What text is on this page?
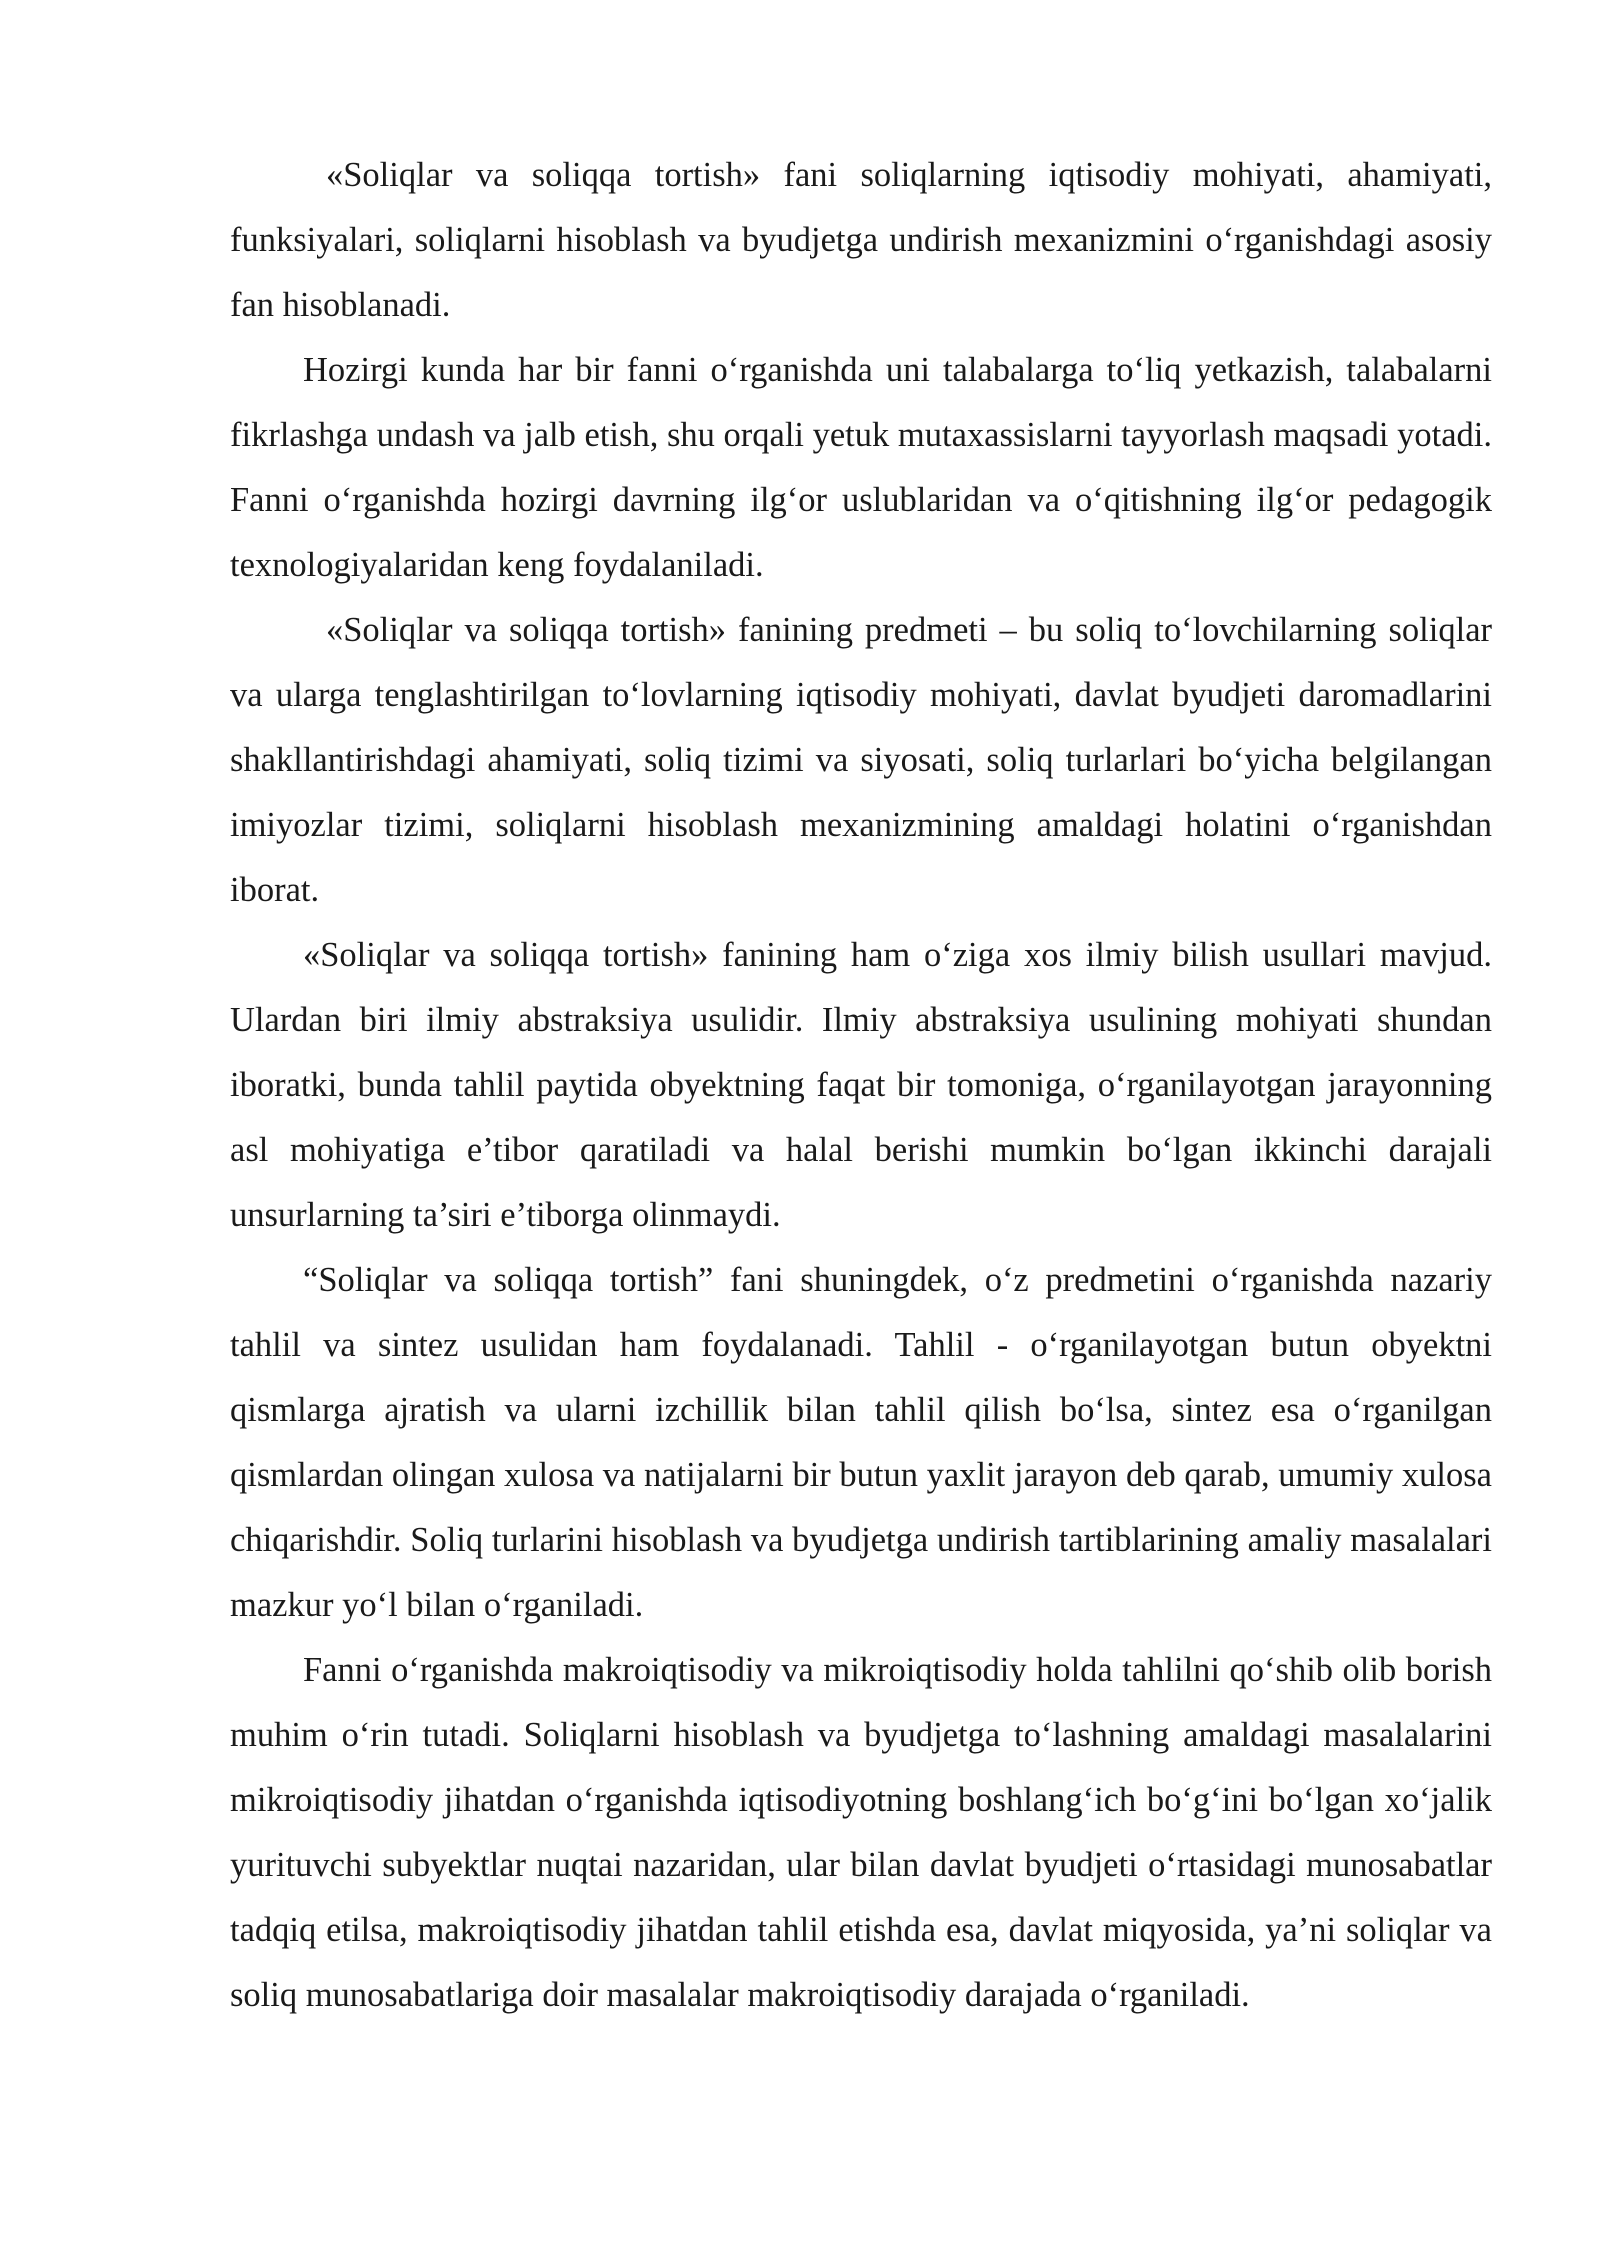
«Soliqlar va soliqqa tortish» fani soliqlarning iqtisodiy mohiyati, ahamiyati, funksiyalari, soliqlarni hisoblash va byudjetga undirish mexanizmini oʻrganishdagi asosiy fan hisoblanadi.

Hozirgi kunda har bir fanni oʻrganishda uni talabalarga toʻliq yetkazish, talabalarni fikrlashga undash va jalb etish, shu orqali yetuk mutaxassislarni tayyorlash maqsadi yotadi. Fanni oʻrganishda hozirgi davrning ilgʻor uslublaridan va oʻqitishning ilgʻor pedagogik texnologiyalaridan keng foydalaniladi.

«Soliqlar va soliqqa tortish» fanining predmeti – bu soliq toʻlovchilarning soliqlar va ularga tenglashtirilgan toʻlovlarning iqtisodiy mohiyati, davlat byudjeti daromadlarini shakllantirishdagi ahamiyati, soliq tizimi va siyosati, soliq turlarlari boʻyicha belgilangan imiyozlar tizimi, soliqlarni hisoblash mexanizmining amaldagi holatini oʻrganishdan iborat.

«Soliqlar va soliqqa tortish» fanining ham oʻziga xos ilmiy bilish usullari mavjud. Ulardan biri ilmiy abstraksiya usulidir. Ilmiy abstraksiya usulining mohiyati shundan iboratki, bunda tahlil paytida obyektning faqat bir tomoniga, oʻrganilayotgan jarayonning asl mohiyatiga e’tibor qaratiladi va halal berishi mumkin boʻlgan ikkinchi darajali unsurlarning ta’siri e’tiborga olinmaydi.

“Soliqlar va soliqqa tortish” fani shuningdek, oʻz predmetini oʻrganishda nazariy tahlil va sintez usulidan ham foydalanadi. Tahlil - oʻrganilayotgan butun obyektni qismlarga ajratish va ularni izchillik bilan tahlil qilish boʻlsa, sintez esa oʻrganilgan qismlardan olingan xulosa va natijalarni bir butun yaxlit jarayon deb qarab, umumiy xulosa chiqarishdir. Soliq turlarini hisoblash va byudjetga undirish tartiblarining amaliy masalalari mazkur yoʻl bilan oʻrganiladi.

Fanni oʻrganishda makroiqtisodiy va mikroiqtisodiy holda tahlilni qoʻshib olib borish muhim oʻrin tutadi. Soliqlarni hisoblash va byudjetga toʻlashning amaldagi masalalarini mikroiqtisodiy jihatdan oʻrganishda iqtisodiyotning boshlangʻich boʻgʻini boʻlgan xoʻjalik yurituvchi subyektlar nuqtai nazaridan, ular bilan davlat byudjeti oʻrtasidagi munosabatlar tadqiq etilsa, makroiqtisodiy jihatdan tahlil etishda esa, davlat miqyosida, ya’ni soliqlar va soliq munosabatlariga doir masalalar makroiqtisodiy darajada oʻrganiladi.
